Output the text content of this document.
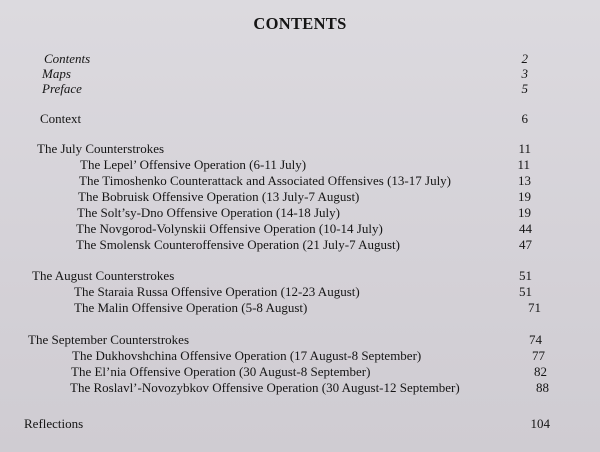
CONTENTS
Contents	2
Maps	3
Preface	5
Context	6
The July Counterstrokes	11
The Lepel’ Offensive Operation (6-11 July)	11
The Timoshenko Counterattack and Associated Offensives (13-17 July)	13
The Bobruisk Offensive Operation (13 July-7 August)	19
The Solt’sy-Dno Offensive Operation (14-18 July)	19
The Novgorod-Volynskii Offensive Operation (10-14 July)	44
The Smolensk Counteroffensive Operation (21 July-7 August)	47
The August Counterstrokes	51
The Staraia Russa Offensive Operation (12-23 August)	51
The Malin Offensive Operation (5-8 August)	71
The September Counterstrokes	74
The Dukhovshchina Offensive Operation (17 August-8 September)	77
The El’nia Offensive Operation (30 August-8 September)	82
The Roslavl’-Novozybkov Offensive Operation (30 August-12 September)	88
Reflections	104
